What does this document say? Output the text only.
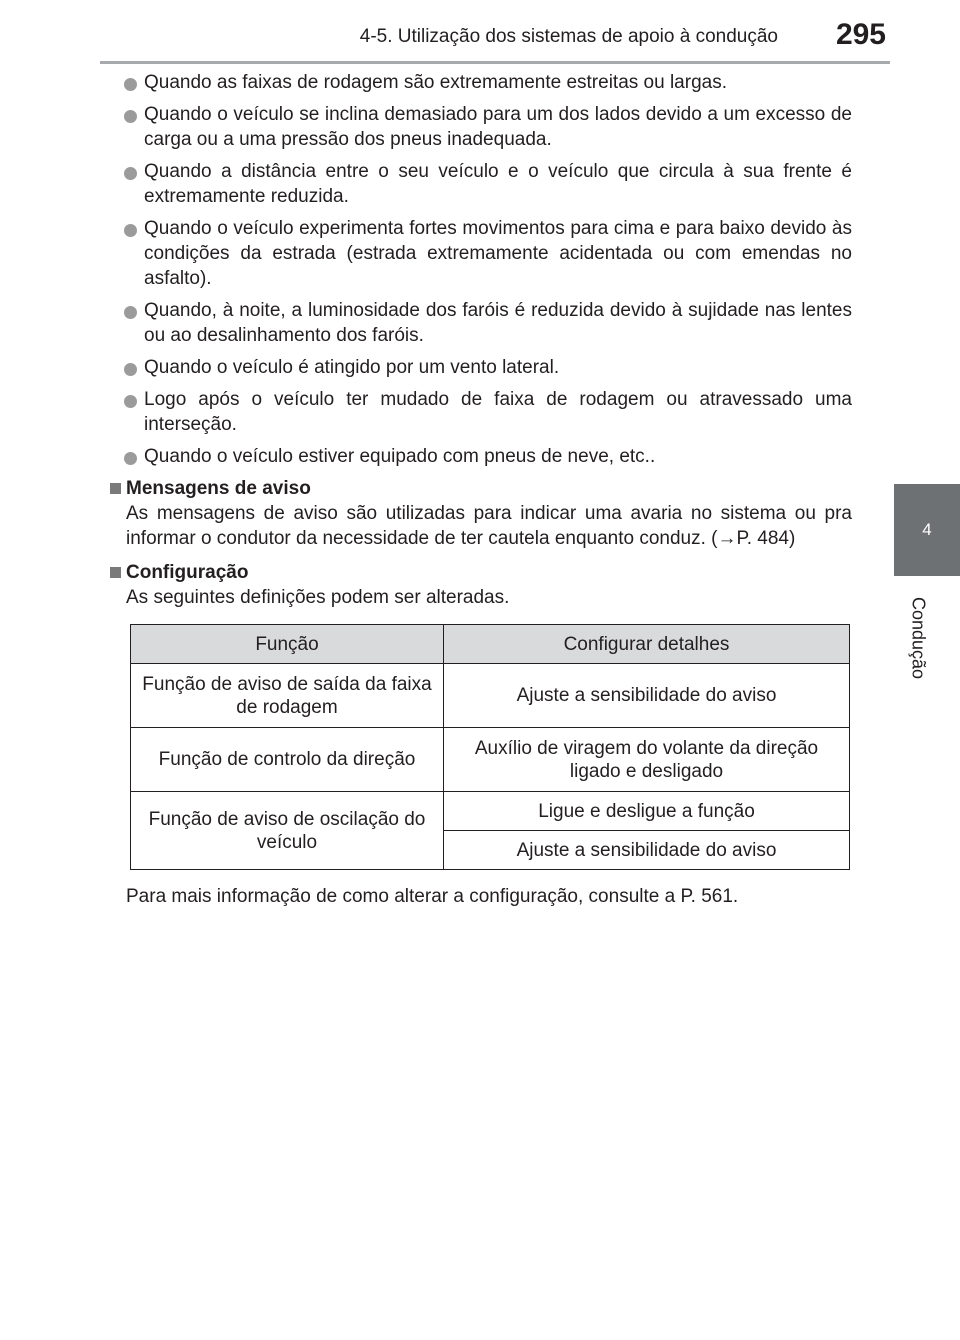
4-5. Utilização dos sistemas de apoio à condução	295
4
Condução
Quando as faixas de rodagem são extremamente estreitas ou largas.
Quando o veículo se inclina demasiado para um dos lados devido a um excesso de carga ou a uma pressão dos pneus inadequada.
Quando a distância entre o seu veículo e o veículo que circula à sua frente é extremamente reduzida.
Quando o veículo experimenta fortes movimentos para cima e para baixo devido às condições da estrada (estrada extremamente acidentada ou com emendas no asfalto).
Quando, à noite, a luminosidade dos faróis é reduzida devido à sujidade nas lentes ou ao desalinhamento dos faróis.
Quando o veículo é atingido por um vento lateral.
Logo após o veículo ter mudado de faixa de rodagem ou atravessado uma interseção.
Quando o veículo estiver equipado com pneus de neve, etc..
Mensagens de aviso
As mensagens de aviso são utilizadas para indicar uma avaria no sistema ou pra informar o condutor da necessidade de ter cautela enquanto conduz. (→P. 484)
Configuração
As seguintes definições podem ser alteradas.
Função	Configurar detalhes
Função de aviso de saída da faixa de rodagem	Ajuste a sensibilidade do aviso
Função de controlo da direção	Auxílio de viragem do volante da direção ligado e desligado
Função de aviso de oscilação do veículo	Ligue e desligue a função
	Ajuste a sensibilidade do aviso
Para mais informação de como alterar a configuração, consulte a P. 561.
